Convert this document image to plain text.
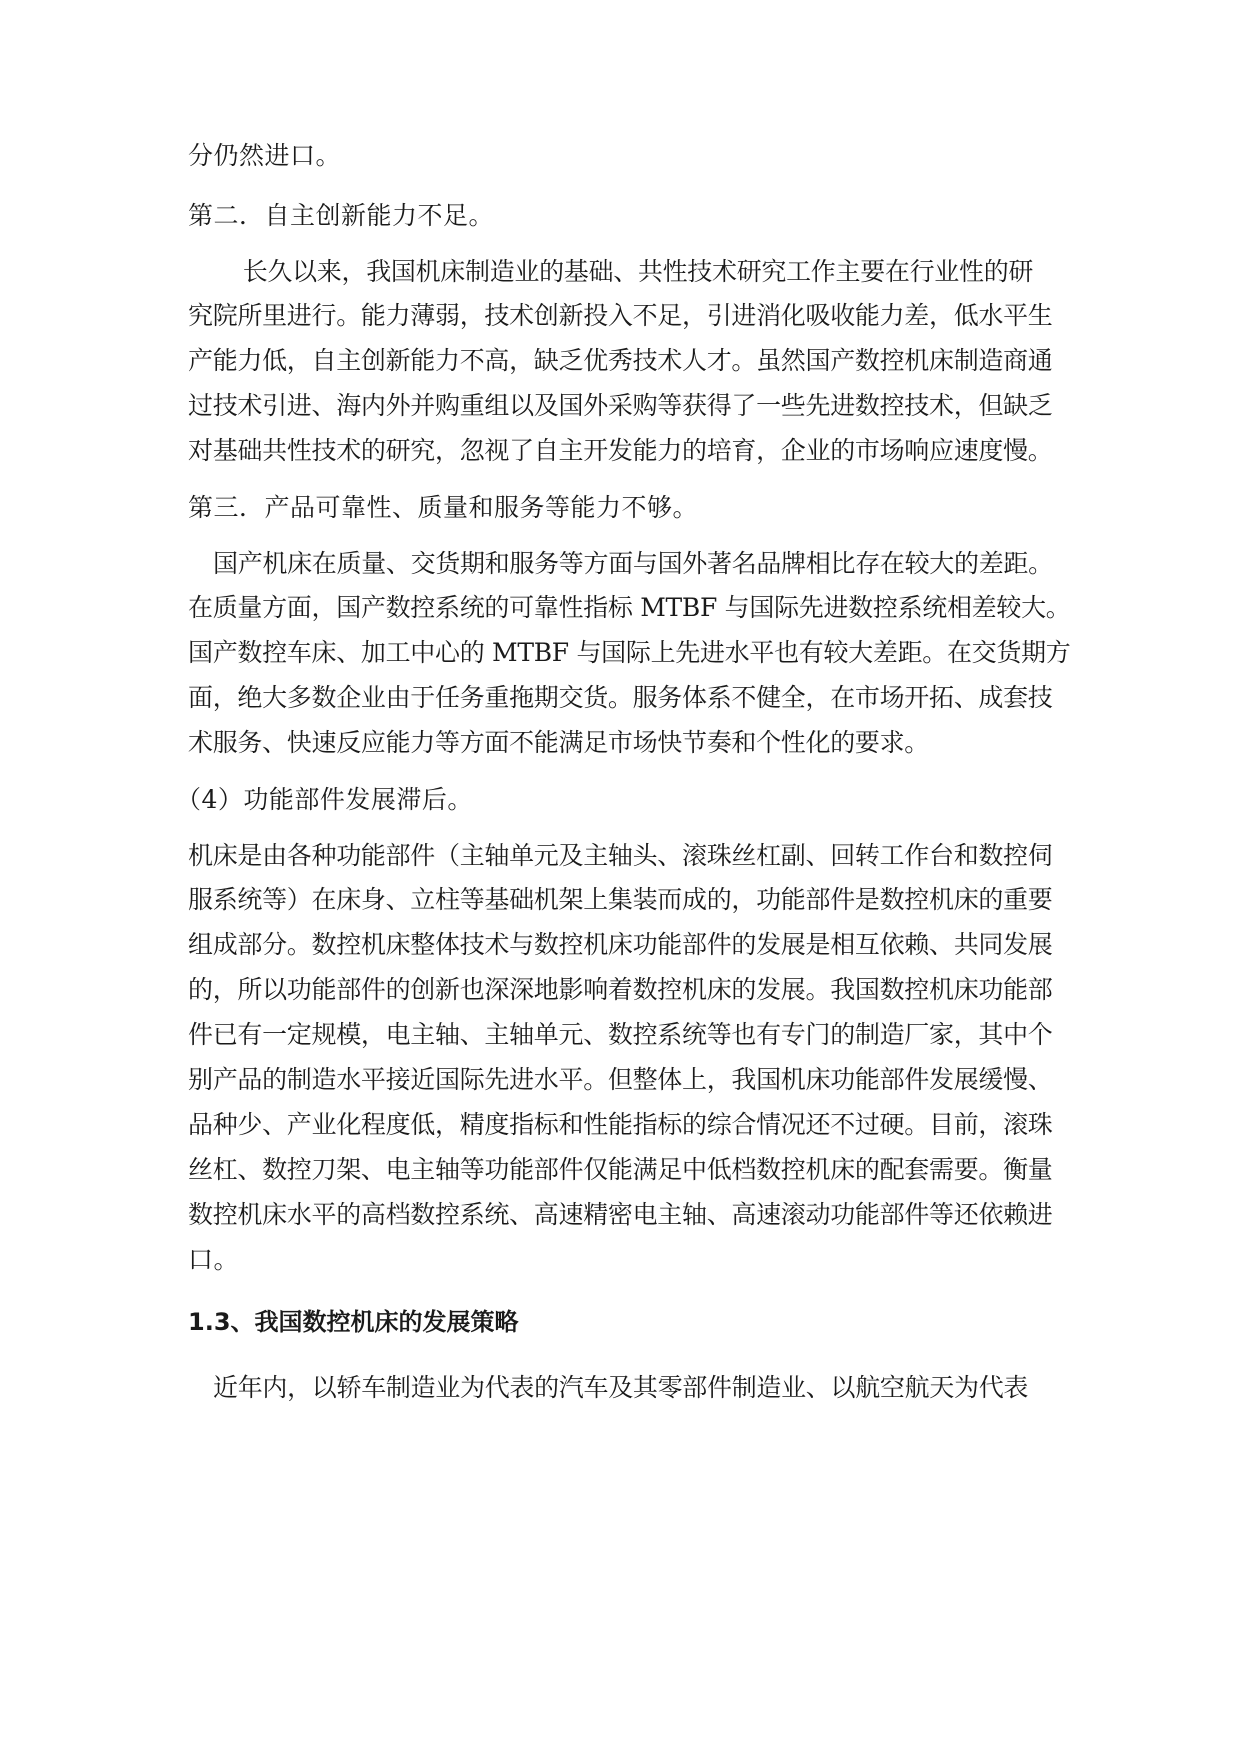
分仍然进口。
第二．自主创新能力不足。
　长久以来，我国机床制造业的基础、共性技术研究工作主要在行业性的研
究院所里进行。能力薄弱，技术创新投入不足，引进消化吸收能力差，低水平生
产能力低，自主创新能力不高，缺乏优秀技术人才。虽然国产数控机床制造商通
过技术引进、海内外并购重组以及国外采购等获得了一些先进数控技术，但缺乏
对基础共性技术的研究，忽视了自主开发能力的培育，企业的市场响应速度慢。
第三．产品可靠性、质量和服务等能力不够。
国产机床在质量、交货期和服务等方面与国外著名品牌相比存在较大的差距。
在质量方面，国产数控系统的可靠性指标 MTBF 与国际先进数控系统相差较大。
国产数控车床、加工中心的 MTBF 与国际上先进水平也有较大差距。在交货期方
面，绝大多数企业由于任务重拖期交货。服务体系不健全，在市场开拓、成套技
术服务、快速反应能力等方面不能满足市场快节奏和个性化的要求。
（4）功能部件发展滞后。
机床是由各种功能部件（主轴单元及主轴头、滚珠丝杠副、回转工作台和数控伺
服系统等）在床身、立柱等基础机架上集装而成的，功能部件是数控机床的重要
组成部分。数控机床整体技术与数控机床功能部件的发展是相互依赖、共同发展
的，所以功能部件的创新也深深地影响着数控机床的发展。我国数控机床功能部
件已有一定规模，电主轴、主轴单元、数控系统等也有专门的制造厂家，其中个
别产品的制造水平接近国际先进水平。但整体上，我国机床功能部件发展缓慢、
品种少、产业化程度低，精度指标和性能指标的综合情况还不过硬。目前，滚珠
丝杠、数控刀架、电主轴等功能部件仅能满足中低档数控机床的配套需要。衡量
数控机床水平的高档数控系统、高速精密电主轴、高速滚动功能部件等还依赖进
口。
1.3、我国数控机床的发展策略
近年内，以轿车制造业为代表的汽车及其零部件制造业、以航空航天为代表
